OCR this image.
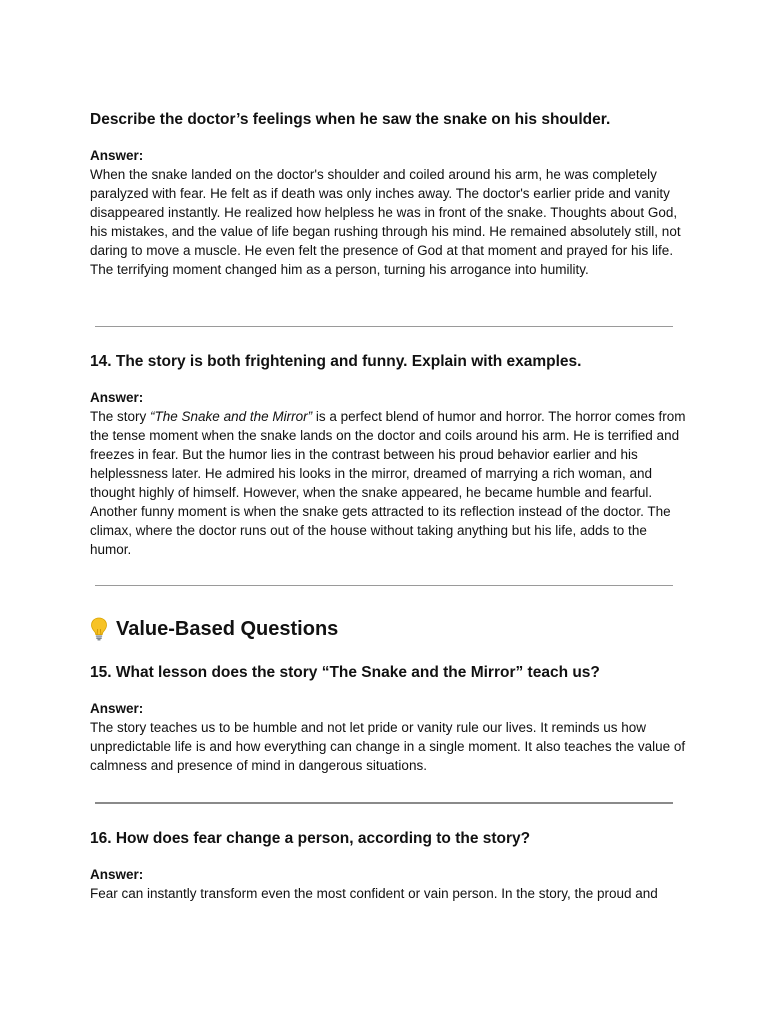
Describe the doctor’s feelings when he saw the snake on his shoulder.

Answer:

When the snake landed on the doctor's shoulder and coiled around his arm, he was completely paralyzed with fear. He felt as if death was only inches away. The doctor's earlier pride and vanity disappeared instantly. He realized how helpless he was in front of the snake. Thoughts about God, his mistakes, and the value of life began rushing through his mind. He remained absolutely still, not daring to move a muscle. He even felt the presence of God at that moment and prayed for his life. The terrifying moment changed him as a person, turning his arrogance into humility.

14. The story is both frightening and funny. Explain with examples.

Answer:

The story “The Snake and the Mirror” is a perfect blend of humor and horror. The horror comes from the tense moment when the snake lands on the doctor and coils around his arm. He is terrified and freezes in fear. But the humor lies in the contrast between his proud behavior earlier and his helplessness later. He admired his looks in the mirror, dreamed of marrying a rich woman, and thought highly of himself. However, when the snake appeared, he became humble and fearful. Another funny moment is when the snake gets attracted to its reflection instead of the doctor. The climax, where the doctor runs out of the house without taking anything but his life, adds to the humor.

Value-Based Questions

15. What lesson does the story “The Snake and the Mirror” teach us?

Answer:

The story teaches us to be humble and not let pride or vanity rule our lives. It reminds us how unpredictable life is and how everything can change in a single moment. It also teaches the value of calmness and presence of mind in dangerous situations.

16. How does fear change a person, according to the story?

Answer:

Fear can instantly transform even the most confident or vain person. In the story, the proud and
